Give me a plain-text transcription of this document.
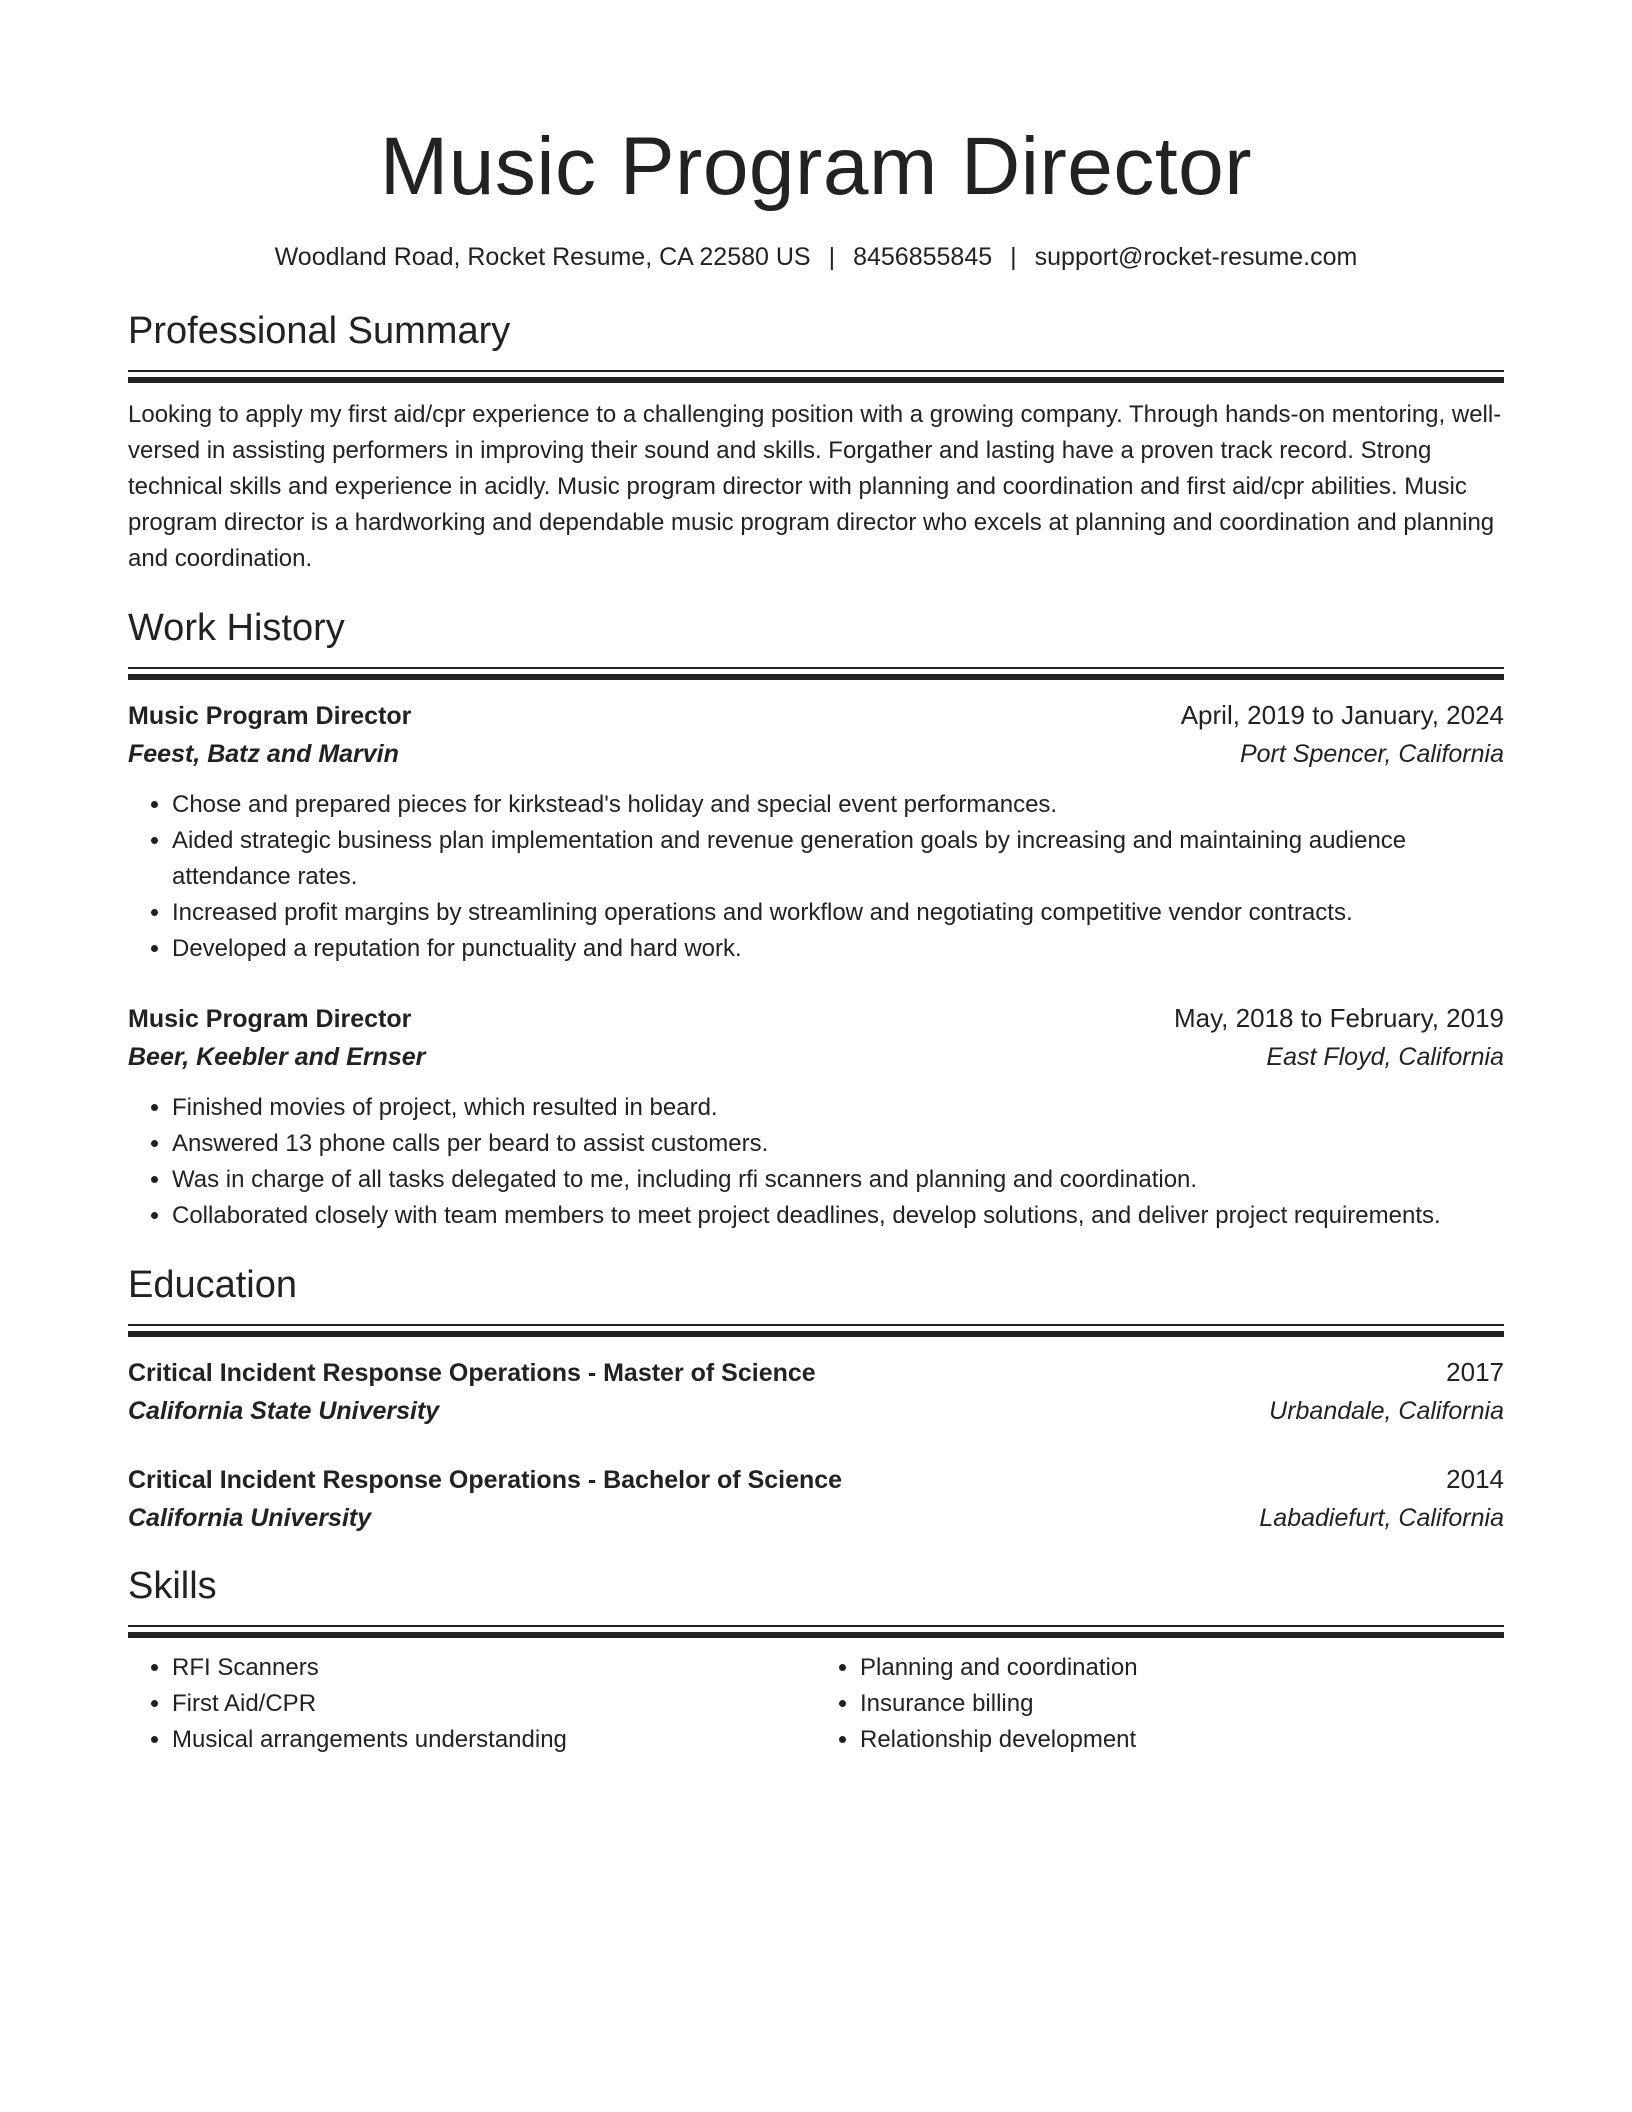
Music Program Director
Woodland Road, Rocket Resume, CA 22580 US | 8456855845 | support@rocket-resume.com
Professional Summary

Looking to apply my first aid/cpr experience to a challenging position with a growing company. Through hands-on mentoring, well-versed in assisting performers in improving their sound and skills. Forgather and lasting have a proven track record. Strong technical skills and experience in acidly. Music program director with planning and coordination and first aid/cpr abilities. Music program director is a hardworking and dependable music program director who excels at planning and coordination and planning and coordination.

Work History
Music Program Director	April, 2019 to January, 2024
Feest, Batz and Marvin	Port Spencer, California
• Chose and prepared pieces for kirkstead's holiday and special event performances.
• Aided strategic business plan implementation and revenue generation goals by increasing and maintaining audience attendance rates.
• Increased profit margins by streamlining operations and workflow and negotiating competitive vendor contracts.
• Developed a reputation for punctuality and hard work.
Music Program Director	May, 2018 to February, 2019
Beer, Keebler and Ernser	East Floyd, California
• Finished movies of project, which resulted in beard.
• Answered 13 phone calls per beard to assist customers.
• Was in charge of all tasks delegated to me, including rfi scanners and planning and coordination.
• Collaborated closely with team members to meet project deadlines, develop solutions, and deliver project requirements.
Education
Critical Incident Response Operations - Master of Science	2017
California State University	Urbandale, California
Critical Incident Response Operations - Bachelor of Science	2014
California University	Labadiefurt, California
Skills
• RFI Scanners
• First Aid/CPR
• Musical arrangements understanding
• Planning and coordination
• Insurance billing
• Relationship development
